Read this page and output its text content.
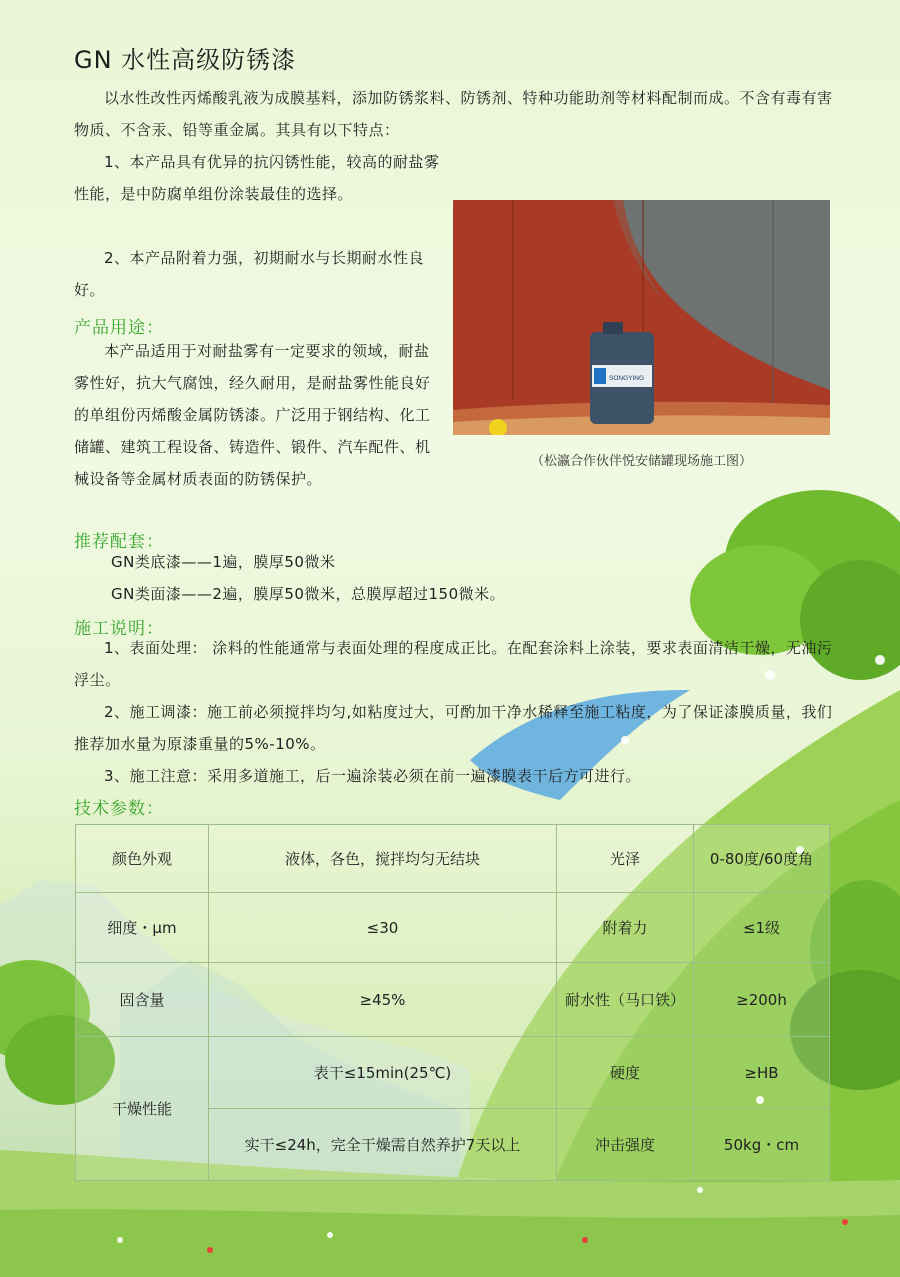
GN 水性高级防锈漆
以水性改性丙烯酸乳液为成膜基料，添加防锈浆料、防锈剂、特种功能助剂等材料配制而成。不含有毒有害物质、不含汞、铅等重金属。其具有以下特点：
1、本产品具有优异的抗闪锈性能，较高的耐盐雾性能，是中防腐单组份涂装最佳的选择。
2、本产品附着力强，初期耐水与长期耐水性良好。
产品用途：
本产品适用于对耐盐雾有一定要求的领域，耐盐雾性好，抗大气腐蚀，经久耐用，是耐盐雾性能良好的单组份丙烯酸金属防锈漆。广泛用于钢结构、化工储罐、建筑工程设备、铸造件、锻件、汽车配件、机械设备等金属材质表面的防锈保护。
SONGYING
（松瀛合作伙伴悦安储罐现场施工图）
推荐配套：
GN类底漆——1遍，膜厚50微米
GN类面漆——2遍，膜厚50微米，总膜厚超过150微米。
施工说明：
1、表面处理： 涂料的性能通常与表面处理的程度成正比。在配套涂料上涂装，要求表面清洁干燥，无油污浮尘。
2、施工调漆：施工前必须搅拌均匀,如粘度过大，可酌加干净水稀释至施工粘度，为了保证漆膜质量，我们推荐加水量为原漆重量的5%-10%。
3、施工注意：采用多道施工，后一遍涂装必须在前一遍漆膜表干后方可进行。
技术参数：
颜色外观	液体，各色，搅拌均匀无结块	光泽	0-80度/60度角
细度・μm	≤30	附着力	≤1级
固含量	≥45%	耐水性（马口铁）	≥200h
干燥性能	表干≤15min(25℃)	硬度	≥HB
	实干≤24h，完全干燥需自然养护7天以上	冲击强度	50kg・cm
